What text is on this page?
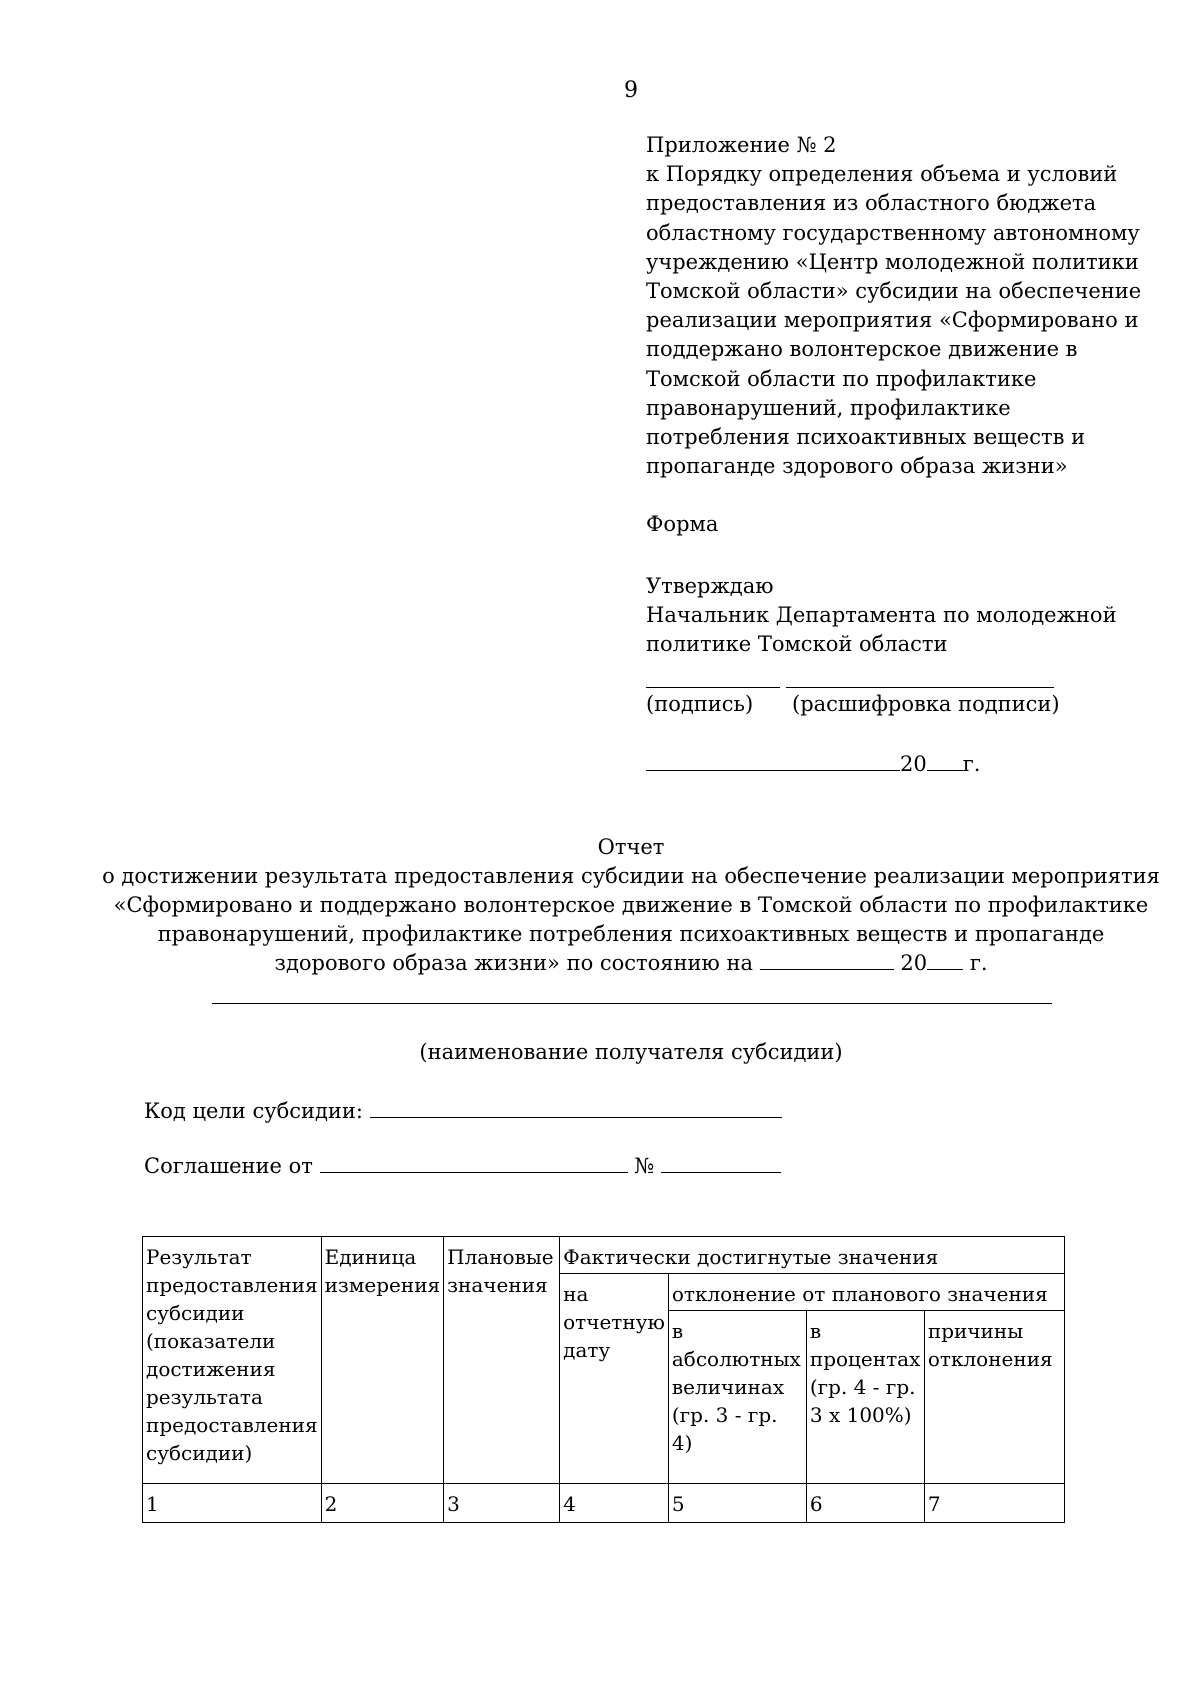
9
Приложение № 2
к Порядку определения объема и условий
предоставления из областного бюджета
областному государственному автономному
учреждению «Центр молодежной политики
Томской области» субсидии на обеспечение
реализации мероприятия «Сформировано и
поддержано волонтерское движение в
Томской области по профилактике
правонарушений, профилактике
потребления психоактивных веществ и
пропаганде здорового образа жизни»
Форма
Утверждаю
Начальник Департамента по молодежной
политике Томской области
(подпись) (расшифровка подписи)
20 г.
Отчет
о достижении результата предоставления субсидии на обеспечение реализации мероприятия
«Сформировано и поддержано волонтерское движение в Томской области по профилактике
правонарушений, профилактике потребления психоактивных веществ и пропаганде
здорового образа жизни» по состоянию на	20 г.
(наименование получателя субсидии)
Код цели субсидии:
Соглашение от	№
Результат предоставления субсидии (показатели достижения результата предоставления субсидии)	Единица измерения	Плановые значения	Фактически достигнутые значения			
			на отчетную дату	отклонение от планового значения		
				в абсолютных величинах (гр. 3 - гр. 4)	в процентах (гр. 4 - гр. 3 x 100%)	причины отклонения
1	2	3	4	5	6	7
